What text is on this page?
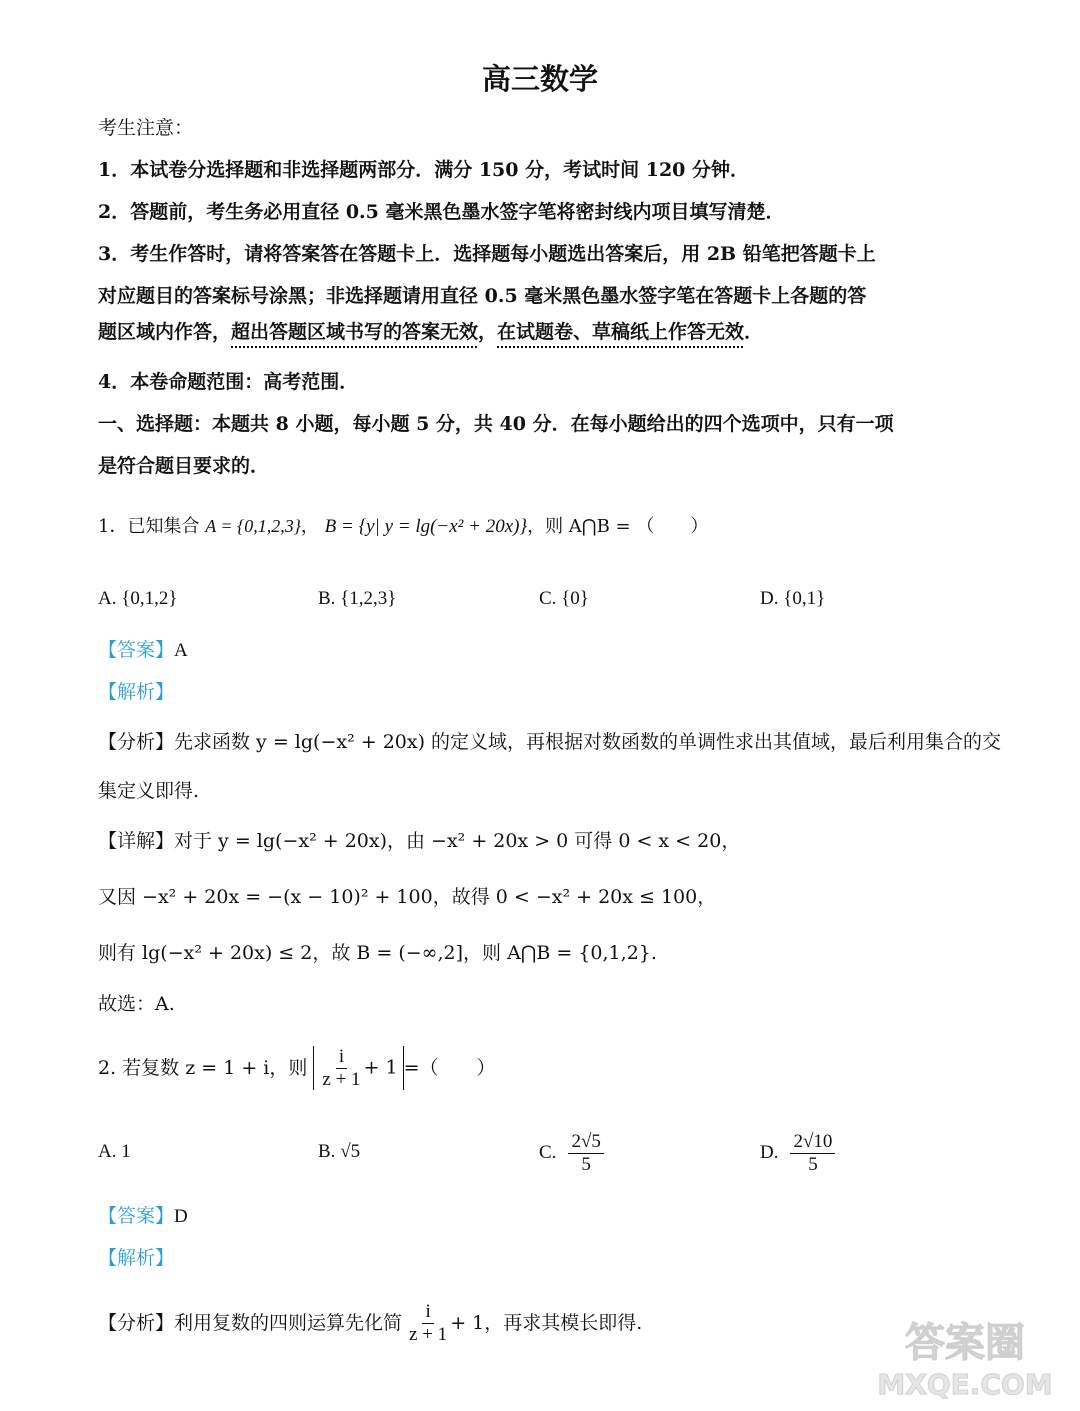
高三数学
考生注意：
1．本试卷分选择题和非选择题两部分．满分 150 分，考试时间 120 分钟．
2．答题前，考生务必用直径 0.5 毫米黑色墨水签字笔将密封线内项目填写清楚．
3．考生作答时，请将答案答在答题卡上．选择题每小题选出答案后，用 2B 铅笔把答题卡上
对应题目的答案标号涂黑；非选择题请用直径 0.5 毫米黑色墨水签字笔在答题卡上各题的答
题区域内作答，超出答题区域书写的答案无效，在试题卷、草稿纸上作答无效．
4．本卷命题范围：高考范围．
一、选择题：本题共 8 小题，每小题 5 分，共 40 分．在每小题给出的四个选项中，只有一项
是符合题目要求的．
1．已知集合 A = {0,1,2,3}， B = {y| y = lg(−x² + 20x)}，则 A⋂B = （　　）
A. {0,1,2}	B. {1,2,3}	C. {0}	D. {0,1}
【答案】A
【解析】
【分析】先求函数 y = lg(−x² + 20x) 的定义域，再根据对数函数的单调性求出其值域，最后利用集合的交
集定义即得.
【详解】对于 y = lg(−x² + 20x)，由 −x² + 20x > 0 可得 0 < x < 20，
又因 −x² + 20x = −(x − 10)² + 100，故得 0 < −x² + 20x ≤ 100，
则有 lg(−x² + 20x) ≤ 2，故 B = (−∞,2]，则 A⋂B = {0,1,2}.
故选：A.
2. 若复数 z = 1 + i，则 $\frac{i}{z + 1} + 1$ =（　　）
A. 1	B. √5	C. $\frac{2√5}{5}$	D. $\frac{2√10}{5}$
【答案】D
【解析】
【分析】 利用复数的四则运算先化简 $\frac{i}{z + 1} + 1$，再求其模长即得.	答案圈
MXQE.COM
